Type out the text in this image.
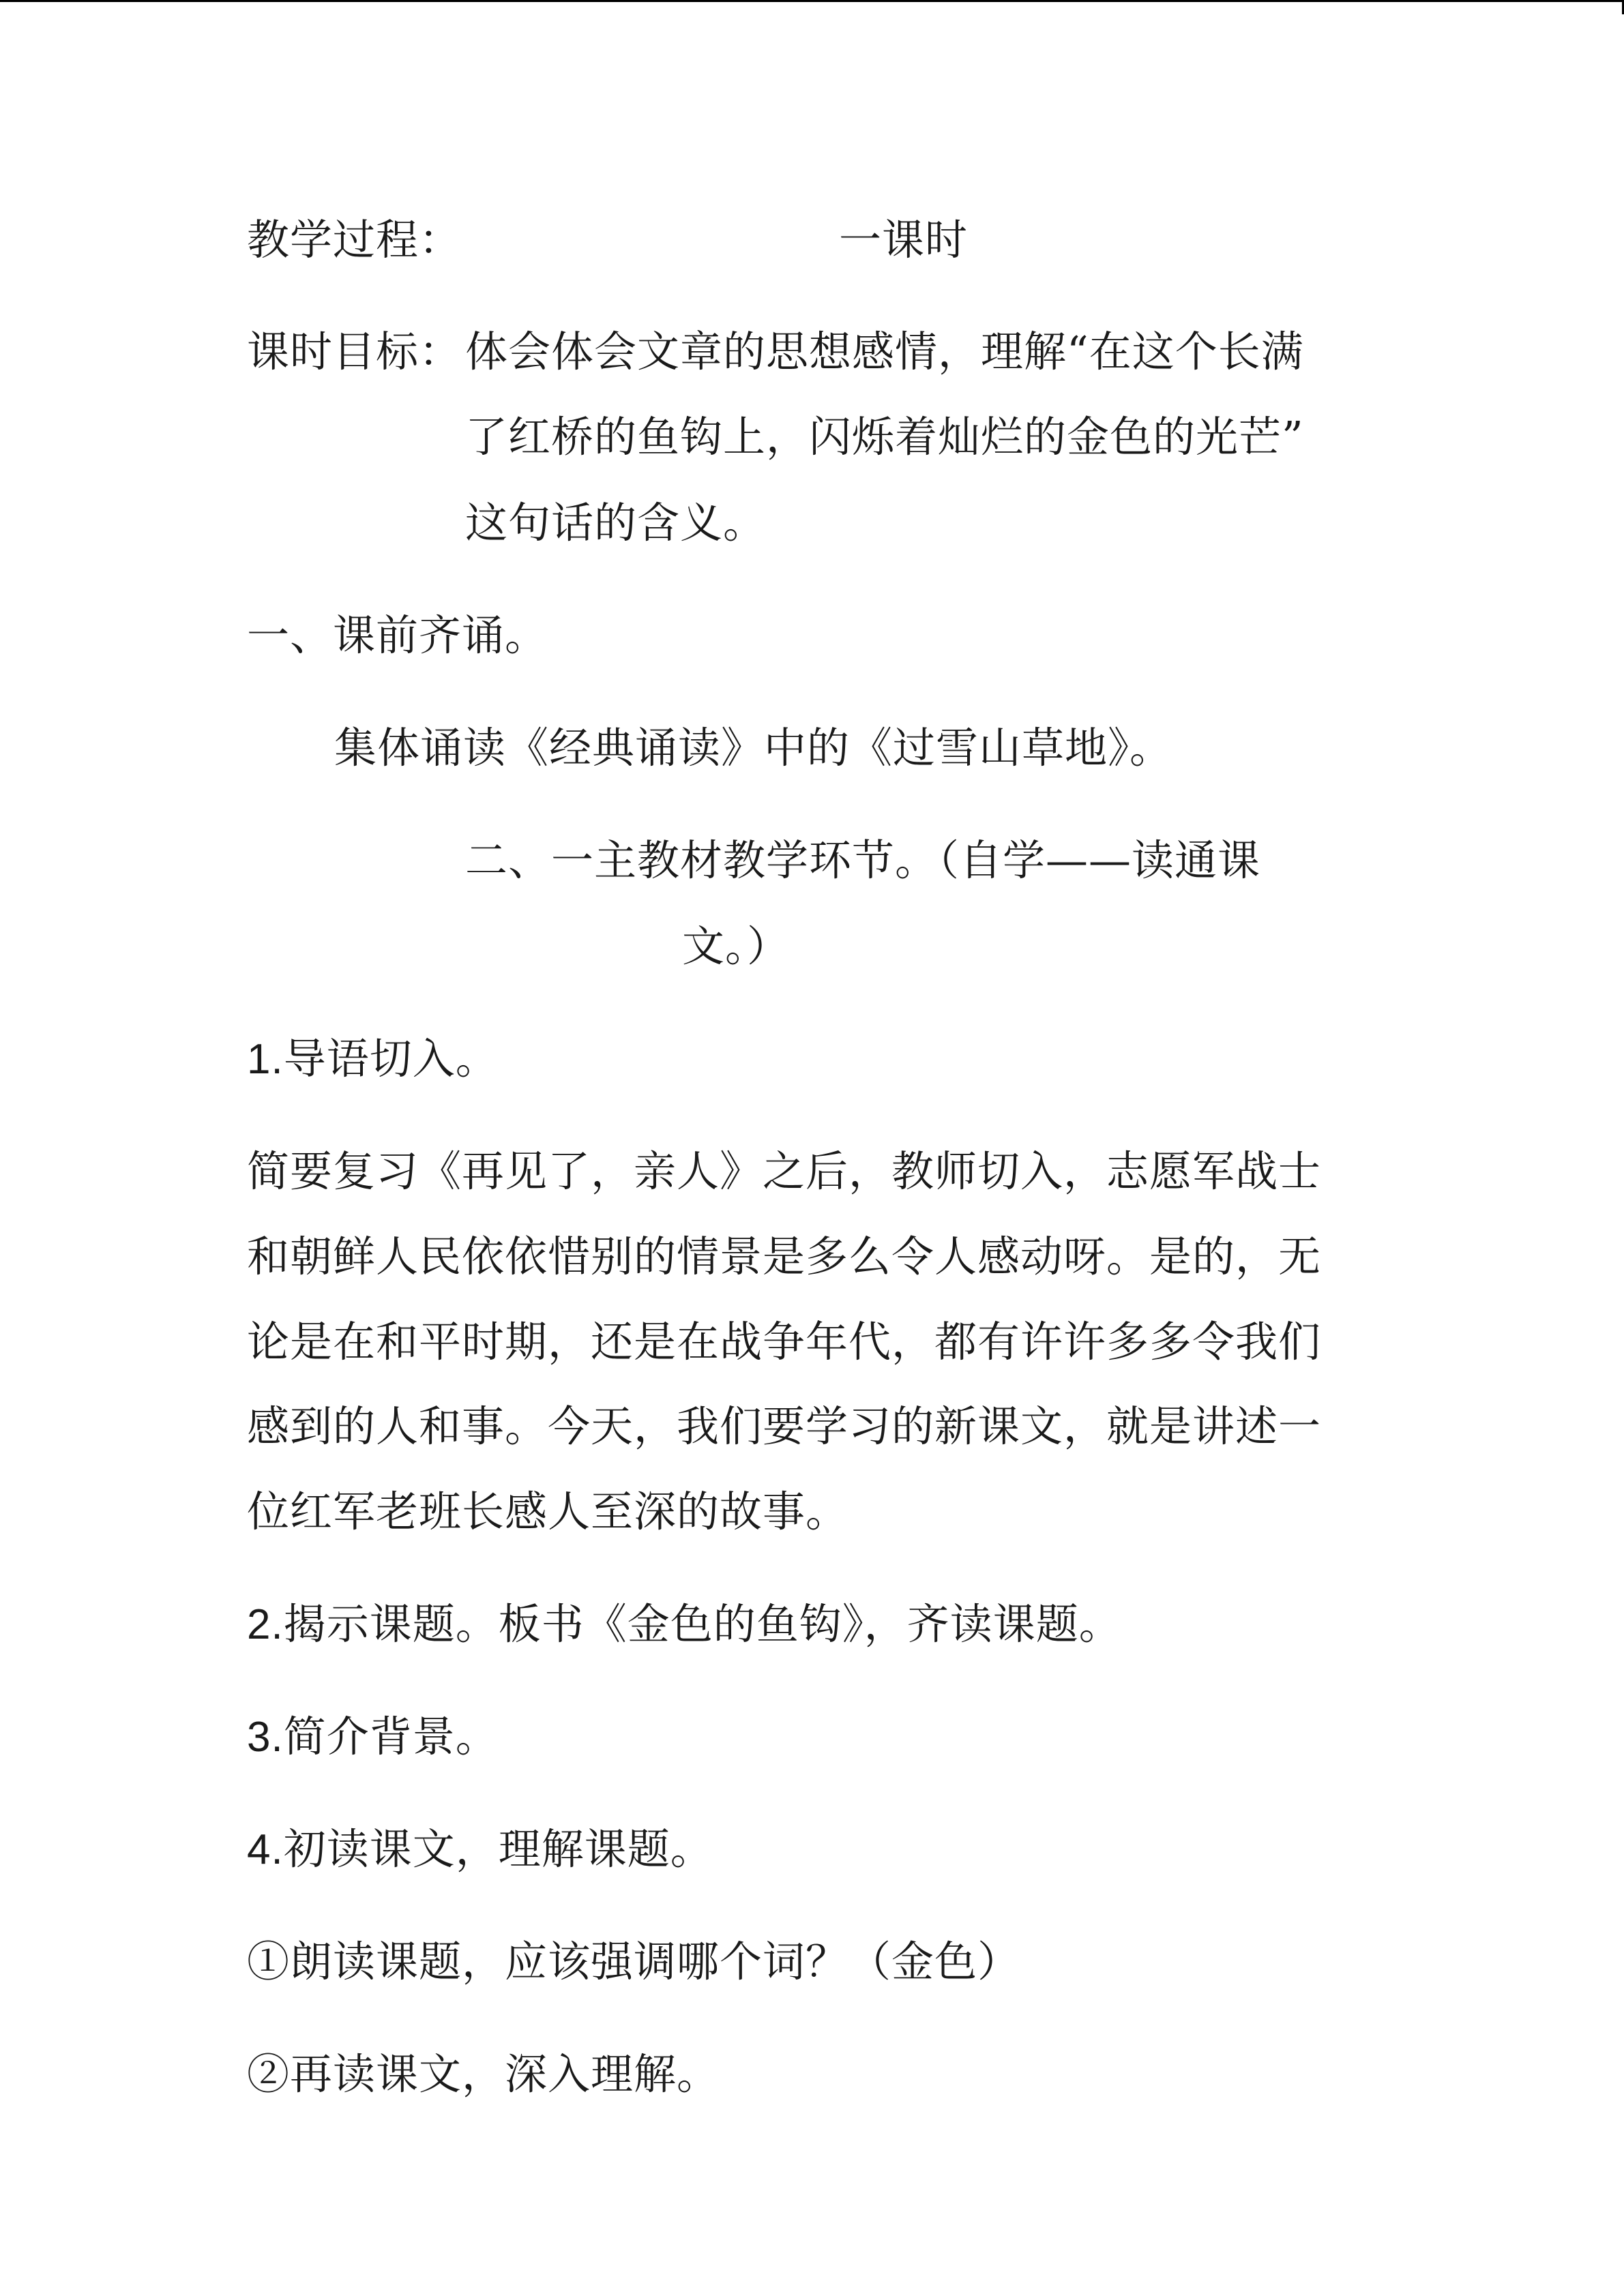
教学过程：	一课时
课时目标： 体会体会文章的思想感情，理解“在这个长满
了红桥的鱼钩上，闪烁着灿烂的金色的光芒”
这句话的含义。
一、课前齐诵。
集体诵读《经典诵读》中的《过雪山草地》。
二、一主教材教学环节。（自学——读通课
文。）
1.导语切入。
简要复习《再见了，亲人》之后，教师切入，志愿军战士
和朝鲜人民依依惜别的情景是多么令人感动呀。是的，无
论是在和平时期，还是在战争年代，都有许许多多令我们
感到的人和事。今天，我们要学习的新课文，就是讲述一
位红军老班长感人至深的故事。
2.揭示课题。板书《金色的鱼钩》，齐读课题。
3.简介背景。
4.初读课文，理解课题。
①朗读课题，应该强调哪个词？（金色）
②再读课文，深入理解。
